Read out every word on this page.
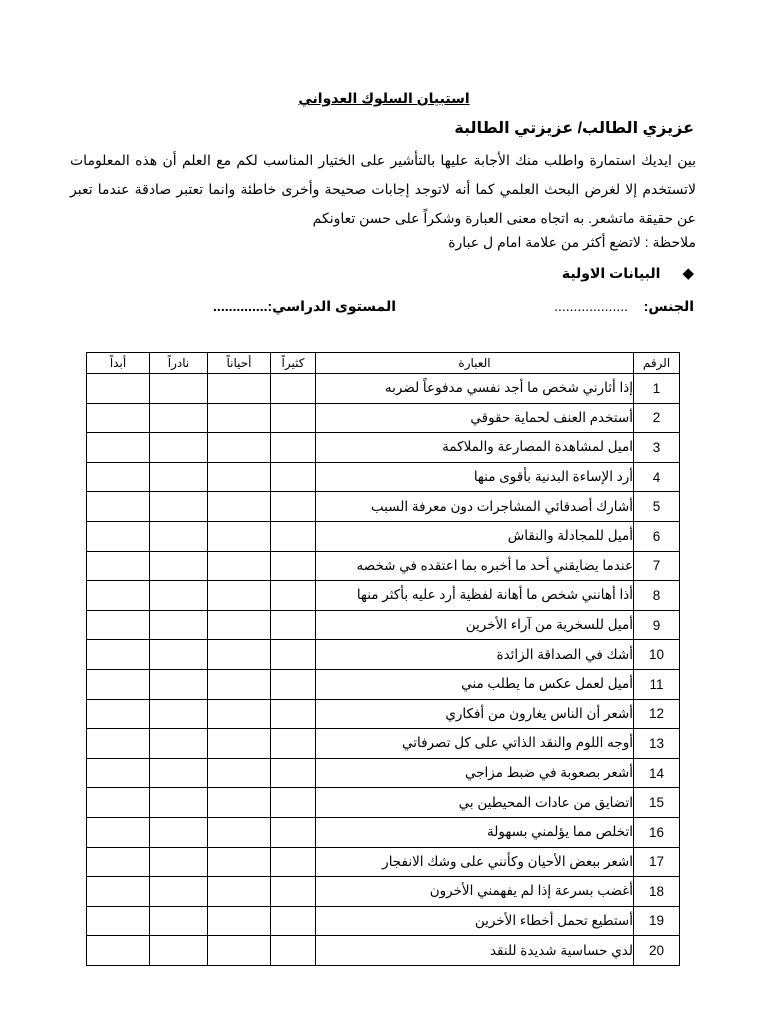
استبيان السلوك العدواني
عزيزي الطالب/ عزيزتي الطالبة
بين ايديك استمارة واطلب منك الأجابة عليها بالتأشير على الختيار المناسب لكم مع العلم أن هذه المعلومات لاتستخدم إلا لغرض البحث العلمي كما أنه لاتوجد إجابات صحيحة وأخرى خاطئة وانما تعتبر صادقة عندما تعبر عن حقيقة ماتشعر. به اتجاه معنى العبارة وشكراً على حسن تعاونكم
ملاحظة : لاتضع أكثر من علامة امام ل عبارة
◆
البيانات الاولية
الجنس:
...................
المستوى الدراسي:..............
الرقم	العبارة	كثيراً	أحياناً	نادراً	أبداً
1	إذا أثارني شخص ما أجد نفسي مدفوعاً لضربه				
2	أستخدم العنف لحماية حقوقي				
3	اميل لمشاهدة المصارعة والملاكمة				
4	أرد الإساءة البدنية بأقوى منها				
5	أشارك أصدقائي المشاجرات دون معرفة السبب				
6	أميل للمجادلة والنقاش				
7	عندما يضايقني أحد ما أخبره بما اعتقده في شخصه				
8	أذا أهانني شخص ما أهانة لفظية أرد عليه بأكثر منها				
9	أميل للسخرية من آراء الأخرين				
10	أشك في الصداقة الزائدة				
11	أميل لعمل عكس ما يطلب مني				
12	أشعر أن الناس يغارون من أفكاري				
13	أوجه اللوم والنقد الذاتي على كل تصرفاتي				
14	أشعر بصعوبة في ضبط مزاجي				
15	اتضايق من عادات المحيطين بي				
16	اتخلص مما يؤلمني بسهولة				
17	اشعر ببعض الأحيان وكأنني على وشك الانفجار				
18	أغضب بسرعة إذا لم يفهمني الأخرون				
19	أستطيع تحمل أخطاء الأخرين				
20	لدي حساسية شديدة للنقد				
